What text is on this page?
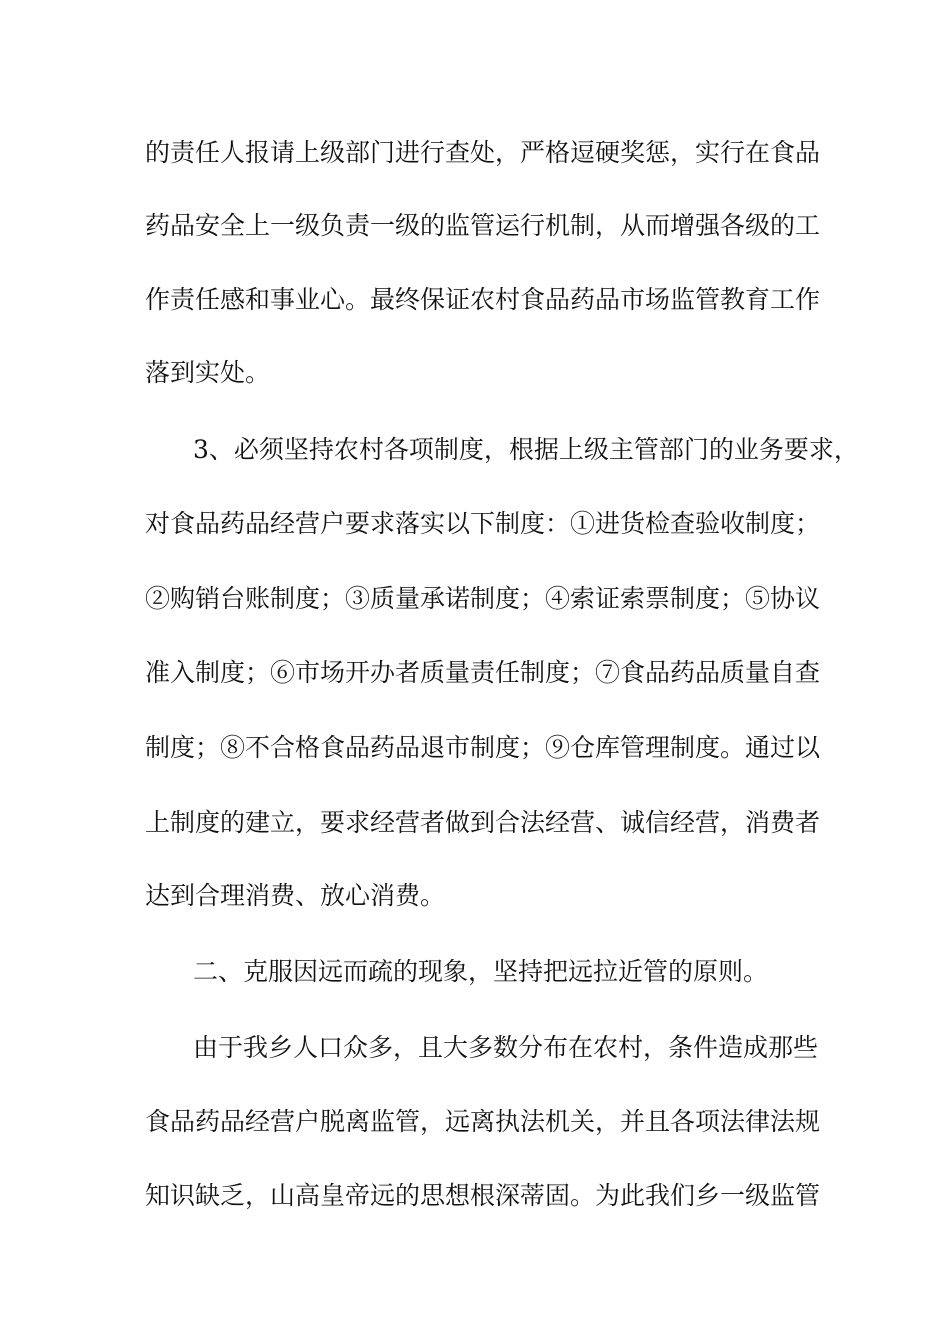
的责任人报请上级部门进行查处，严格逗硬奖惩，实行在食品

药品安全上一级负责一级的监管运行机制，从而增强各级的工

作责任感和事业心。最终保证农村食品药品市场监管教育工作

落到实处。

3、必须坚持农村各项制度，根据上级主管部门的业务要求，

对食品药品经营户要求落实以下制度：①进货检查验收制度；

②购销台账制度；③质量承诺制度；④索证索票制度；⑤协议

准入制度；⑥市场开办者质量责任制度；⑦食品药品质量自查

制度；⑧不合格食品药品退市制度；⑨仓库管理制度。通过以

上制度的建立，要求经营者做到合法经营、诚信经营，消费者

达到合理消费、放心消费。

二、克服因远而疏的现象，坚持把远拉近管的原则。

由于我乡人口众多，且大多数分布在农村，条件造成那些

食品药品经营户脱离监管，远离执法机关，并且各项法律法规

知识缺乏，山高皇帝远的思想根深蒂固。为此我们乡一级监管
